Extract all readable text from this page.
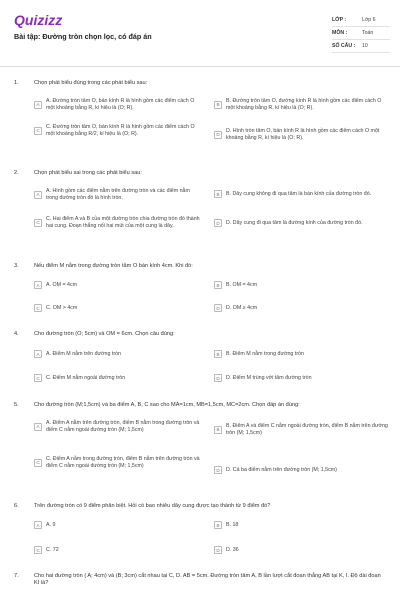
Quizizz
Bài tập: Đường tròn chọn lọc, có đáp án
LỚP :	Lớp 6
MÔN :	Toán
SỐ CÂU :	10
1.	Chọn phát biểu đúng trong các phát biểu sau:
A
A. Đường tròn tâm O, bán kính R là hình gồm các điểm cách O một khoảng bằng R, kí hiệu là (O; R).	B
B. Đường tròn tâm O, đường kính R là hình gồm các điểm cách O một khoảng bằng R, kí hiệu là (O; R).
C
C. Đường tròn tâm O, bán kính R là hình gồm các điểm cách O một khoảng bằng R/2, kí hiệu là (O; R).	D
D. Hình tròn tâm O, bán kính R là hình gồm các điểm cách O một khoảng bằng R, kí hiệu là (O; R).
2.	Chọn phát biểu sai trong các phát biểu sau:
A
A. Hình gồm các điểm nằm trên đường tròn và các điểm nằm trong đường tròn đó là hình tròn.
B	B. Dây cung không đi qua tâm là bán kính của đường tròn đó.
C
C. Hai điểm A và B của một đường tròn chia đường tròn đó thành hai cung. Đoạn thẳng nối hai mút của một cung là dây.	D	D. Dây cung đi qua tâm là đường kính của đường tròn đó.
3.	Nếu điểm M nằm trong đường tròn tâm O bán kính 4cm. Khi đó:
A	A. OM = 4cm	B	B. OM = 4cm
C	C. OM > 4cm	D	D. OM ≥ 4cm
4.	Cho đường tròn (O; 5cm) và OM = 6cm. Chọn câu đúng:
A	A. Điểm M nằm trên đường tròn	B	B. Điểm M nằm trong đường tròn
C	C. Điểm M nằm ngoài đường tròn	D	D. Điểm M trùng với tâm đường tròn
5.	Cho đường tròn (M;1,5cm) và ba điểm A, B, C sao cho MA=1cm, MB=1,5cm, MC=2cm. Chọn đáp án đúng:
A
A. Điểm A nằm trên đường tròn, điểm B nằm trong đường tròn và điểm C nằm ngoài đường tròn (M; 1,5cm)	B
B. Điểm A và điểm C nằm ngoài đường tròn, điểm B nằm trên đường tròn (M; 1,5cm)
C
C. Điểm A nằm trong đường tròn, điểm B nằm trên đường tròn và điểm C nằm ngoài đường tròn (M; 1,5cm)
D	D. Cả ba điểm nằm trên đường tròn (M; 1,5cm)
6.	Trên đường tròn có 9 điểm phân biệt. Hỏi có bao nhiêu dây cung được tạo thành từ 9 điểm đó?
A	A. 9	B	B. 18
C	C. 72	D	D. 36
7.	Cho hai đường tròn ( A; 4cm) và (B; 3cm) cắt nhau tại C, D. AB = 5cm. Đường tròn tâm A, B lần lượt cắt đoạn thẳng AB tại K, I. Độ dài đoạn KI là?
